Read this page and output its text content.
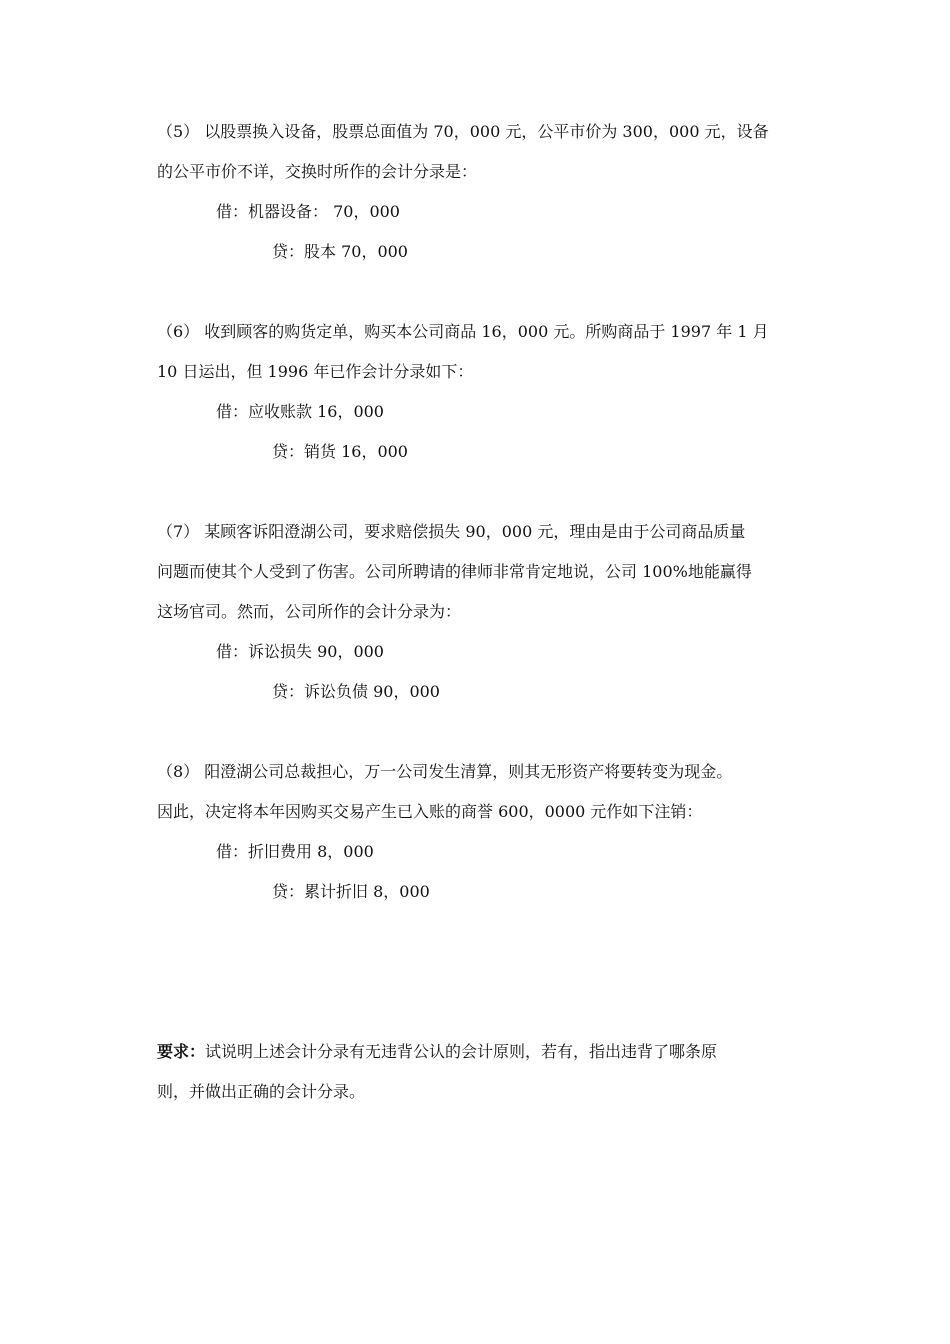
（5） 以股票换入设备，股票总面值为 70，000 元，公平市价为 300，000 元，设备
的公平市价不详，交换时所作的会计分录是：
借：机器设备： 70，000
贷：股本 70，000
（6） 收到顾客的购货定单，购买本公司商品 16，000 元。所购商品于 1997 年 1 月
10 日运出，但 1996 年已作会计分录如下：
借：应收账款 16，000
贷：销货 16，000
（7） 某顾客诉阳澄湖公司，要求赔偿损失 90，000 元，理由是由于公司商品质量
问题而使其个人受到了伤害。公司所聘请的律师非常肯定地说，公司 100%地能赢得
这场官司。然而，公司所作的会计分录为：
借：诉讼损失 90，000
贷：诉讼负债 90，000
（8） 阳澄湖公司总裁担心，万一公司发生清算，则其无形资产将要转变为现金。
因此，决定将本年因购买交易产生已入账的商誉 600，0000 元作如下注销：
借：折旧费用 8，000
贷：累计折旧 8，000
要求：试说明上述会计分录有无违背公认的会计原则，若有，指出违背了哪条原
则，并做出正确的会计分录。
